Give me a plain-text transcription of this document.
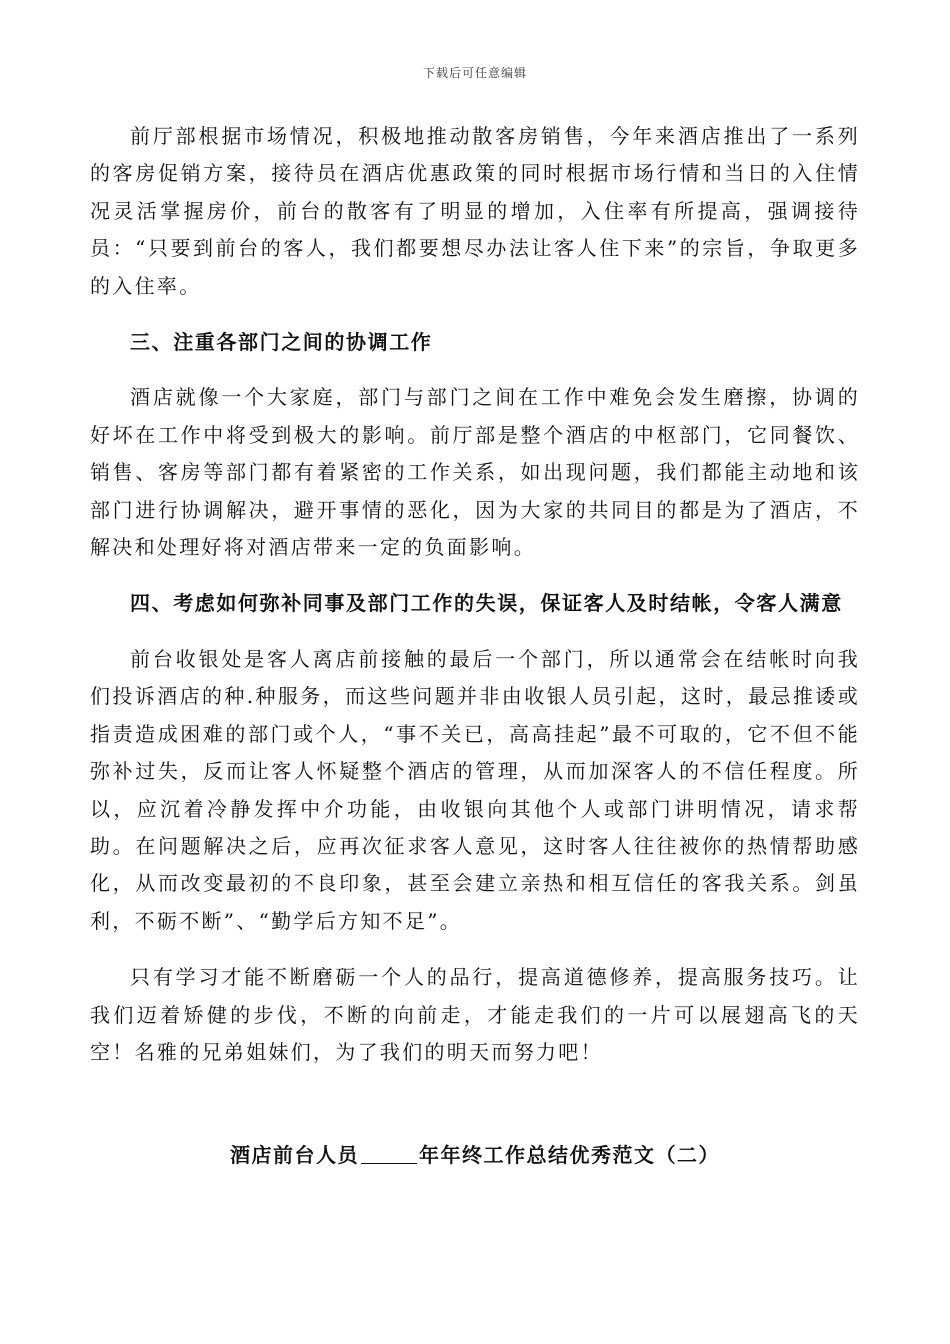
下载后可任意编辑

前厅部根据市场情况，积极地推动散客房销售，今年来酒店推出了一系列的客房促销方案，接待员在酒店优惠政策的同时根据市场行情和当日的入住情况灵活掌握房价，前台的散客有了明显的增加，入住率有所提高，强调接待员：“只要到前台的客人，我们都要想尽办法让客人住下来”的宗旨，争取更多的入住率。

三、注重各部门之间的协调工作

酒店就像一个大家庭，部门与部门之间在工作中难免会发生磨擦，协调的好坏在工作中将受到极大的影响。前厅部是整个酒店的中枢部门，它同餐饮、销售、客房等部门都有着紧密的工作关系，如出现问题，我们都能主动地和该部门进行协调解决，避开事情的恶化，因为大家的共同目的都是为了酒店，不解决和处理好将对酒店带来一定的负面影响。

四、考虑如何弥补同事及部门工作的失误，保证客人及时结帐，令客人满意

前台收银处是客人离店前接触的最后一个部门，所以通常会在结帐时向我们投诉酒店的种.种服务，而这些问题并非由收银人员引起，这时，最忌推诿或指责造成困难的部门或个人，“事不关已，高高挂起”最不可取的，它不但不能弥补过失，反而让客人怀疑整个酒店的管理，从而加深客人的不信任程度。所以，应沉着冷静发挥中介功能，由收银向其他个人或部门讲明情况，请求帮助。在问题解决之后，应再次征求客人意见，这时客人往往被你的热情帮助感化，从而改变最初的不良印象，甚至会建立亲热和相互信任的客我关系。剑虽利，不砺不断”、“勤学后方知不足”。

只有学习才能不断磨砺一个人的品行，提高道德修养，提高服务技巧。让我们迈着矫健的步伐，不断的向前走，才能走我们的一片可以展翅高飞的天空！名雅的兄弟姐妹们，为了我们的明天而努力吧！

酒店前台人员	年年终工作总结优秀范文（二）
